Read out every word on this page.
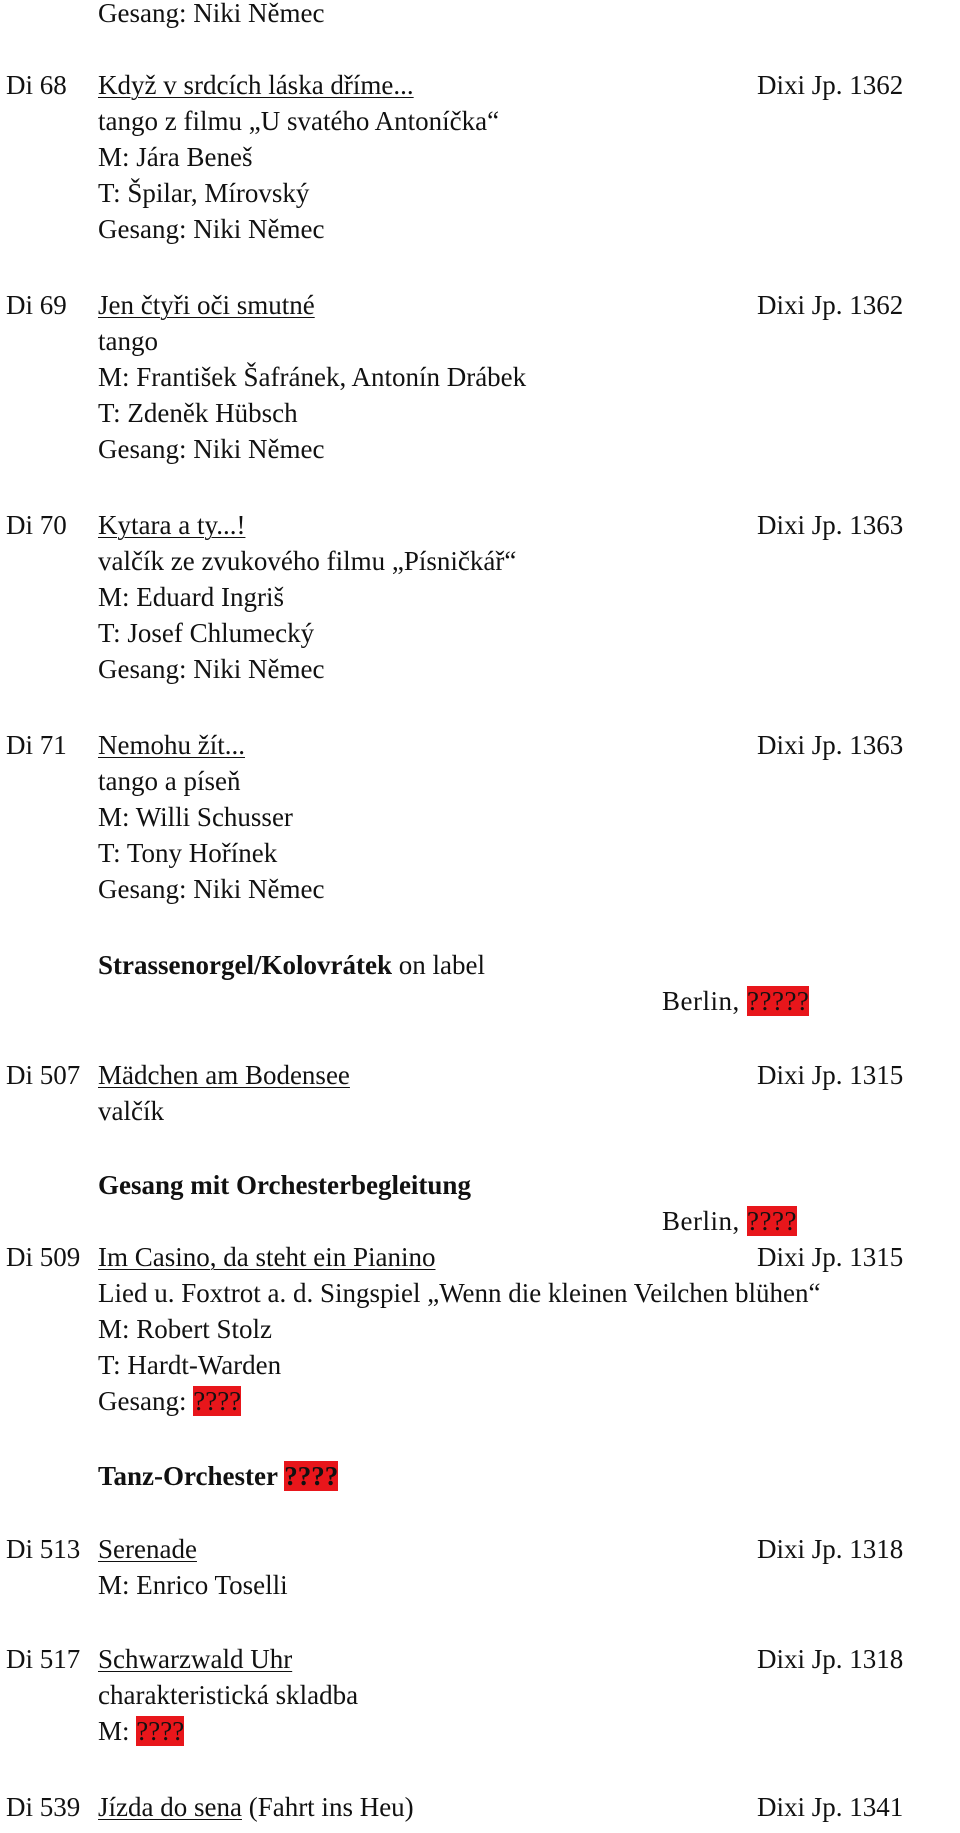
Gesang: Niki Němec
Di 68 Když v srdcích láska dříme...	Dixi Jp. 1362
tango z filmu „U svatého Antoníčka“
M: Jára Beneš
T: Špilar, Mírovský
Gesang: Niki Němec
Di 69 Jen čtyři oči smutné	Dixi Jp. 1362
tango
M: František Šafránek, Antonín Drábek
T: Zdeněk Hübsch
Gesang: Niki Němec
Di 70 Kytara a ty...!	Dixi Jp. 1363
valčík ze zvukového filmu „Písničkář“
M: Eduard Ingriš
T: Josef Chlumecký
Gesang: Niki Němec
Di 71 Nemohu žít...	Dixi Jp. 1363
tango a píseň
M: Willi Schusser
T: Tony Hořínek
Gesang: Niki Němec
Strassenorgel/Kolovrátek on label
Berlin, ?????
Di 507 Mädchen am Bodensee	Dixi Jp. 1315
valčík
Gesang mit Orchesterbegleitung
Berlin, ????
Di 509 Im Casino, da steht ein Pianino	Dixi Jp. 1315
Lied u. Foxtrot a. d. Singspiel „Wenn die kleinen Veilchen blühen“
M: Robert Stolz
T: Hardt-Warden
Gesang: ????
Tanz-Orchester ????
Di 513 Serenade	Dixi Jp. 1318
M: Enrico Toselli
Di 517 Schwarzwald Uhr	Dixi Jp. 1318
charakteristická skladba
M: ????
Di 539 Jízda do sena (Fahrt ins Heu)	Dixi Jp. 1341
